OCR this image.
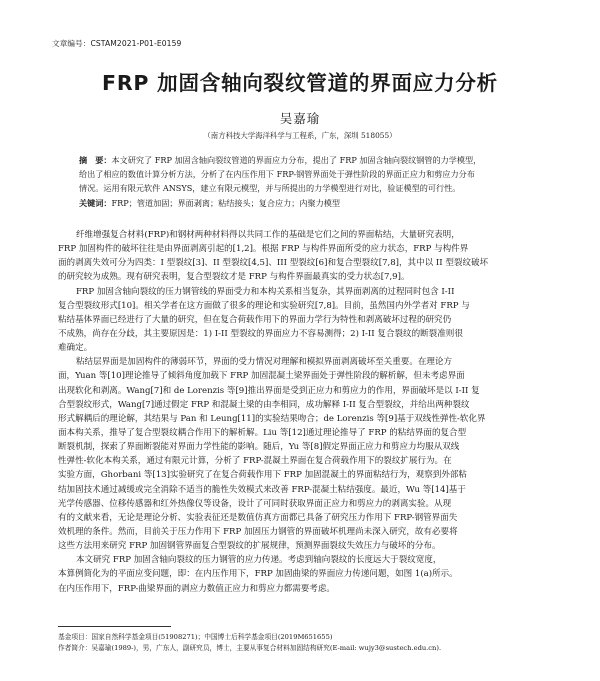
文章编号：CSTAM2021-P01-E0159
FRP 加固含轴向裂纹管道的界面应力分析
吴嘉瑜
（南方科技大学海洋科学与工程系，广东，深圳 518055）
摘　要：本文研究了 FRP 加固含轴向裂纹管道的界面应力分布，提出了 FRP 加固含轴向裂纹钢管的力学模型，
给出了相应的数值计算分析方法，分析了在内压作用下 FRP-钢管界面处于弹性阶段的界面正应力和剪应力分布
情况。运用有限元软件 ANSYS，建立有限元模型，并与所提出的力学模型进行对比，验证模型的可行性。
关键词：FRP；管道加固；界面剥离；粘结接头；复合应力；内聚力模型
纤维增强复合材料(FRP)和钢材两种材料得以共同工作的基础是它们之间的界面粘结，大量研究表明，
FRP 加固构件的破坏往往是由界面剥离引起的[1,2]。根据 FRP 与构件界面所受的应力状态，FRP 与构件界
面的剥离失效可分为四类：I 型裂纹[3]、II 型裂纹[4,5]、III 型裂纹[6]和复合型裂纹[7,8]，其中以 II 型裂纹破坏
的研究较为成熟。现有研究表明，复合型裂纹才是 FRP 与构件界面最真实的受力状态[7,9]。
FRP 加固含轴向裂纹的压力钢管线的界面受力和本构关系相当复杂，其界面剥离的过程同时包含 I-II
复合型裂纹形式[10]。相关学者在这方面做了很多的理论和实验研究[7,8]。目前，虽然国内外学者对 FRP 与
粘结基体界面已经进行了大量的研究，但在复合荷载作用下的界面力学行为特性和剥离破坏过程的研究仍
不成熟，尚存在分歧，其主要原因是：1) I-II 型裂纹的界面应力不容易测得；2) I-II 复合裂纹的断裂准则很
难确定。
粘结层界面是加固构件的薄弱环节，界面的受力情况对理解和模拟界面剥离破坏至关重要。在理论方
面，Yuan 等[10]理论推导了倾斜角度加载下 FRP 加固混凝土梁界面处于弹性阶段的解析解，但未考虑界面
出现软化和剥离。Wang[7]和 de Lorenzis 等[9]推出界面是受到正应力和剪应力的作用，界面破坏是以 I-II 复
合型裂纹形式，Wang[7]通过假定 FRP 和混凝土梁的由李相同，成功解释 I-II 复合型裂纹，并给出两种裂纹
形式解耦后的理论解，其结果与 Pan 和 Leung[11]的实验结果吻合；de Lorenzis 等[9]基于双线性弹性-软化界
面本构关系，推导了复合型裂纹耦合作用下的解析解。Liu 等[12]通过理论推导了 FRP 的粘结界面的复合型
断裂机制，探索了界面断裂能对界面力学性能的影响。随后，Yu 等[8]假定界面正应力和剪应力均服从双线
性弹性-软化本构关系，通过有限元计算，分析了 FRP-混凝土界面在复合荷载作用下的裂纹扩展行为。在
实验方面，Ghorbani 等[13]实验研究了在复合荷载作用下 FRP 加固混凝土的界面粘结行为，观察到外部粘
结加固技术通过减缓或完全消除不适当的脆性失效模式来改善 FRP-混凝土粘结强度。最近，Wu 等[14]基于
光学传感器、位移传感器和红外热像仪等设备，设计了可同时获取界面正应力和剪应力的剥离实验。从现
有的文献来看，无论是理论分析、实验表征还是数值仿真方面都已具备了研究压力作用下 FRP-钢管界面失
效机理的条件。然而，目前关于压力作用下 FRP 加固压力钢管的界面破坏机理尚未深入研究，故有必要将
这些方法用来研究 FRP 加固钢管界面复合型裂纹的扩展规律，预测界面裂纹失效压力与破坏的分布。
本文研究 FRP 加固含轴向裂纹的压力钢管的应力传递。考虑到轴向裂纹的长度远大于裂纹宽度，
本算例简化为的平面应变问题，即：在内压作用下，FRP 加固曲梁的界面应力传递问题，如图 1(a)所示。
在内压作用下，FRP-曲梁界面的剥应力数值正应力和剪应力都需要考虑。
基金项目：国家自然科学基金项目(51908271)；中国博士后科学基金项目(2019M651655)
作者简介：吴嘉瑜(1989-)，男，广东人，副研究员，博士，主要从事复合材料加固结构研究(E-mail: wujy3@sustech.edu.cn).
